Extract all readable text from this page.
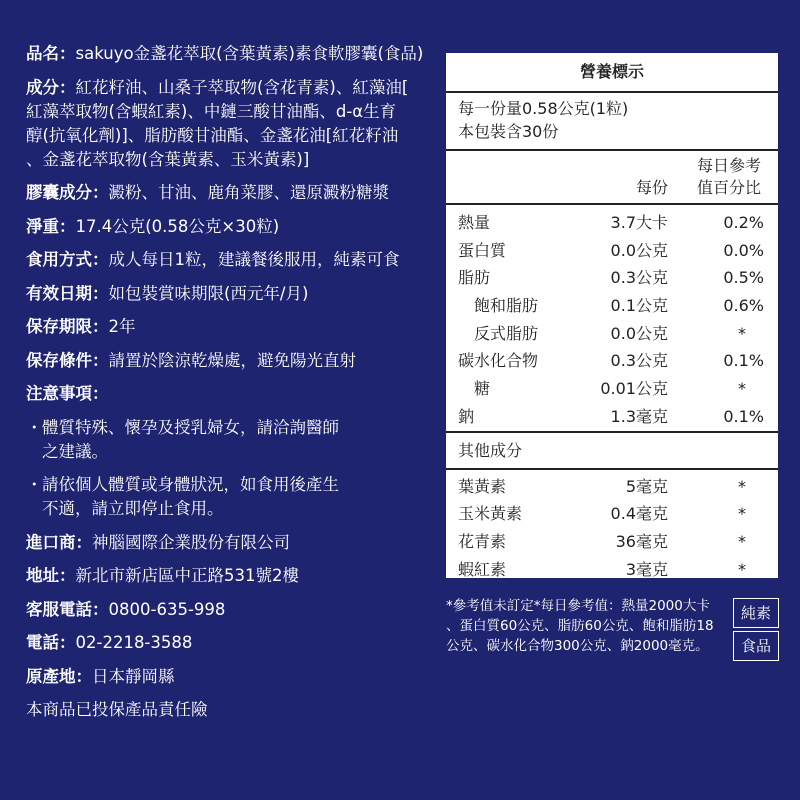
品名：sakuyo金盞花萃取(含葉黃素)素食軟膠囊(食品)

成分：紅花籽油、山桑子萃取物(含花青素)、紅藻油[

紅藻萃取物(含蝦紅素)、中鏈三酸甘油酯、d-α生育

醇(抗氧化劑)]、脂肪酸甘油酯、金盞花油[紅花籽油

、金盞花萃取物(含葉黃素、玉米黃素)]

膠囊成分：澱粉、甘油、鹿角菜膠、還原澱粉糖漿
淨重：17.4公克(0.58公克×30粒)
食用方式：成人每日1粒，建議餐後服用，純素可食
有效日期：如包裝賞味期限(西元年/月)
保存期限：2年
保存條件：請置於陰涼乾燥處，避免陽光直射
注意事項：
・ 體質特殊、懷孕及授乳婦女，請洽詢醫師

之建議。

・ 請依個人體質或身體狀況，如食用後產生

不適，請立即停止食用。

進口商：神腦國際企業股份有限公司
地址：新北市新店區中正路531號2樓
客服電話：0800-635-998
電話：02-2218-3588
原產地：日本靜岡縣
本商品已投保產品責任險
營養標示
每一份量0.58公克(1粒)
本包裝含30份
每份
每日參考
值百分比
熱量	3.7大卡	0.2%
蛋白質	0.0公克	0.0%
脂肪	0.3公克	0.5%
飽和脂肪	0.1公克	0.6%
反式脂肪	0.0公克	*
碳水化合物	0.3公克	0.1%
糖	0.01公克	*
鈉	1.3毫克	0.1%
其他成分
葉黃素	5毫克	*
玉米黃素	0.4毫克	*
花青素	36毫克	*
蝦紅素	3毫克	*

*參考值未訂定*每日參考值：熱量2000大卡

、蛋白質60公克、脂肪60公克、飽和脂肪18

公克、碳水化合物300公克、鈉2000毫克。

純素
食品
